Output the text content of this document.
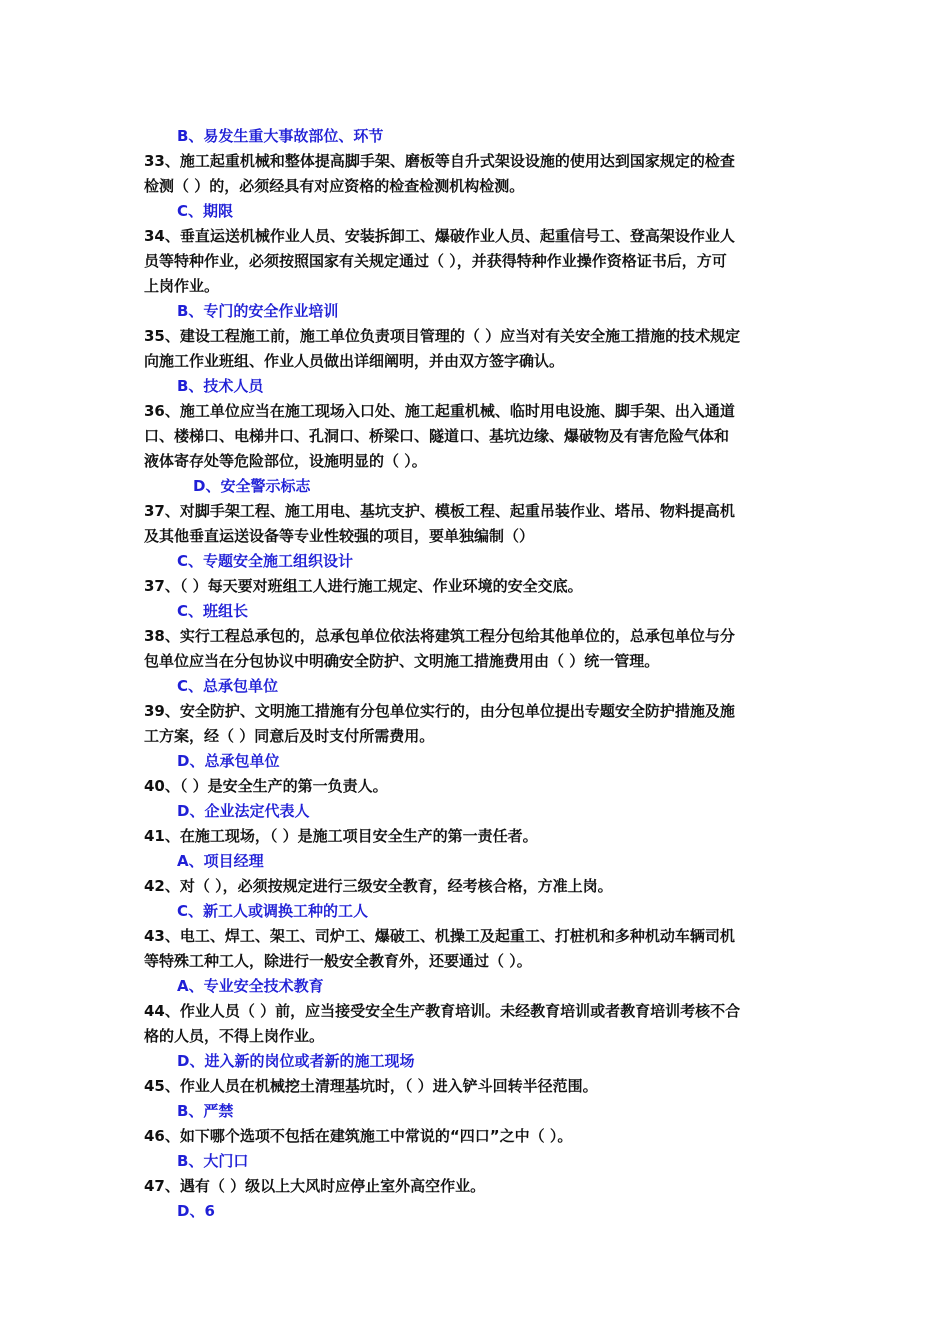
B、易发生重大事故部位、环节
33、施工起重机械和整体提高脚手架、磨板等自升式架设设施的使用达到国家规定的检查
检测（ ）的，必须经具有对应资格的检查检测机构检测。
C、期限
34、垂直运送机械作业人员、安装拆卸工、爆破作业人员、起重信号工、登高架设作业人
员等特种作业，必须按照国家有关规定通过（ ），并获得特种作业操作资格证书后，方可
上岗作业。
B、专门的安全作业培训
35、建设工程施工前，施工单位负责项目管理的（ ）应当对有关安全施工措施的技术规定
向施工作业班组、作业人员做出详细阐明，并由双方签字确认。
B、技术人员
36、施工单位应当在施工现场入口处、施工起重机械、临时用电设施、脚手架、出入通道
口、楼梯口、电梯井口、孔洞口、桥梁口、隧道口、基坑边缘、爆破物及有害危险气体和
液体寄存处等危险部位，设施明显的（ ）。
D、安全警示标志
37、对脚手架工程、施工用电、基坑支护、模板工程、起重吊装作业、塔吊、物料提高机
及其他垂直运送设备等专业性较强的项目，要单独编制（）
C、专题安全施工组织设计
37、（ ）每天要对班组工人进行施工规定、作业环境的安全交底。
C、班组长
38、实行工程总承包的，总承包单位依法将建筑工程分包给其他单位的，总承包单位与分
包单位应当在分包协议中明确安全防护、文明施工措施费用由（ ）统一管理。
C、总承包单位
39、安全防护、文明施工措施有分包单位实行的，由分包单位提出专题安全防护措施及施
工方案，经（ ）同意后及时支付所需费用。
D、总承包单位
40、（ ）是安全生产的第一负责人。
D、企业法定代表人
41、在施工现场，（ ）是施工项目安全生产的第一责任者。
A、项目经理
42、对（ ），必须按规定进行三级安全教育，经考核合格，方准上岗。
C、新工人或调换工种的工人
43、电工、焊工、架工、司炉工、爆破工、机操工及起重工、打桩机和多种机动车辆司机
等特殊工种工人，除进行一般安全教育外，还要通过（ ）。
A、专业安全技术教育
44、作业人员（ ）前，应当接受安全生产教育培训。未经教育培训或者教育培训考核不合
格的人员，不得上岗作业。
D、进入新的岗位或者新的施工现场
45、作业人员在机械挖土清理基坑时，（ ）进入铲斗回转半径范围。
B、严禁
46、如下哪个选项不包括在建筑施工中常说的“四口”之中（ ）。
B、大门口
47、遇有（ ）级以上大风时应停止室外高空作业。
D、6
